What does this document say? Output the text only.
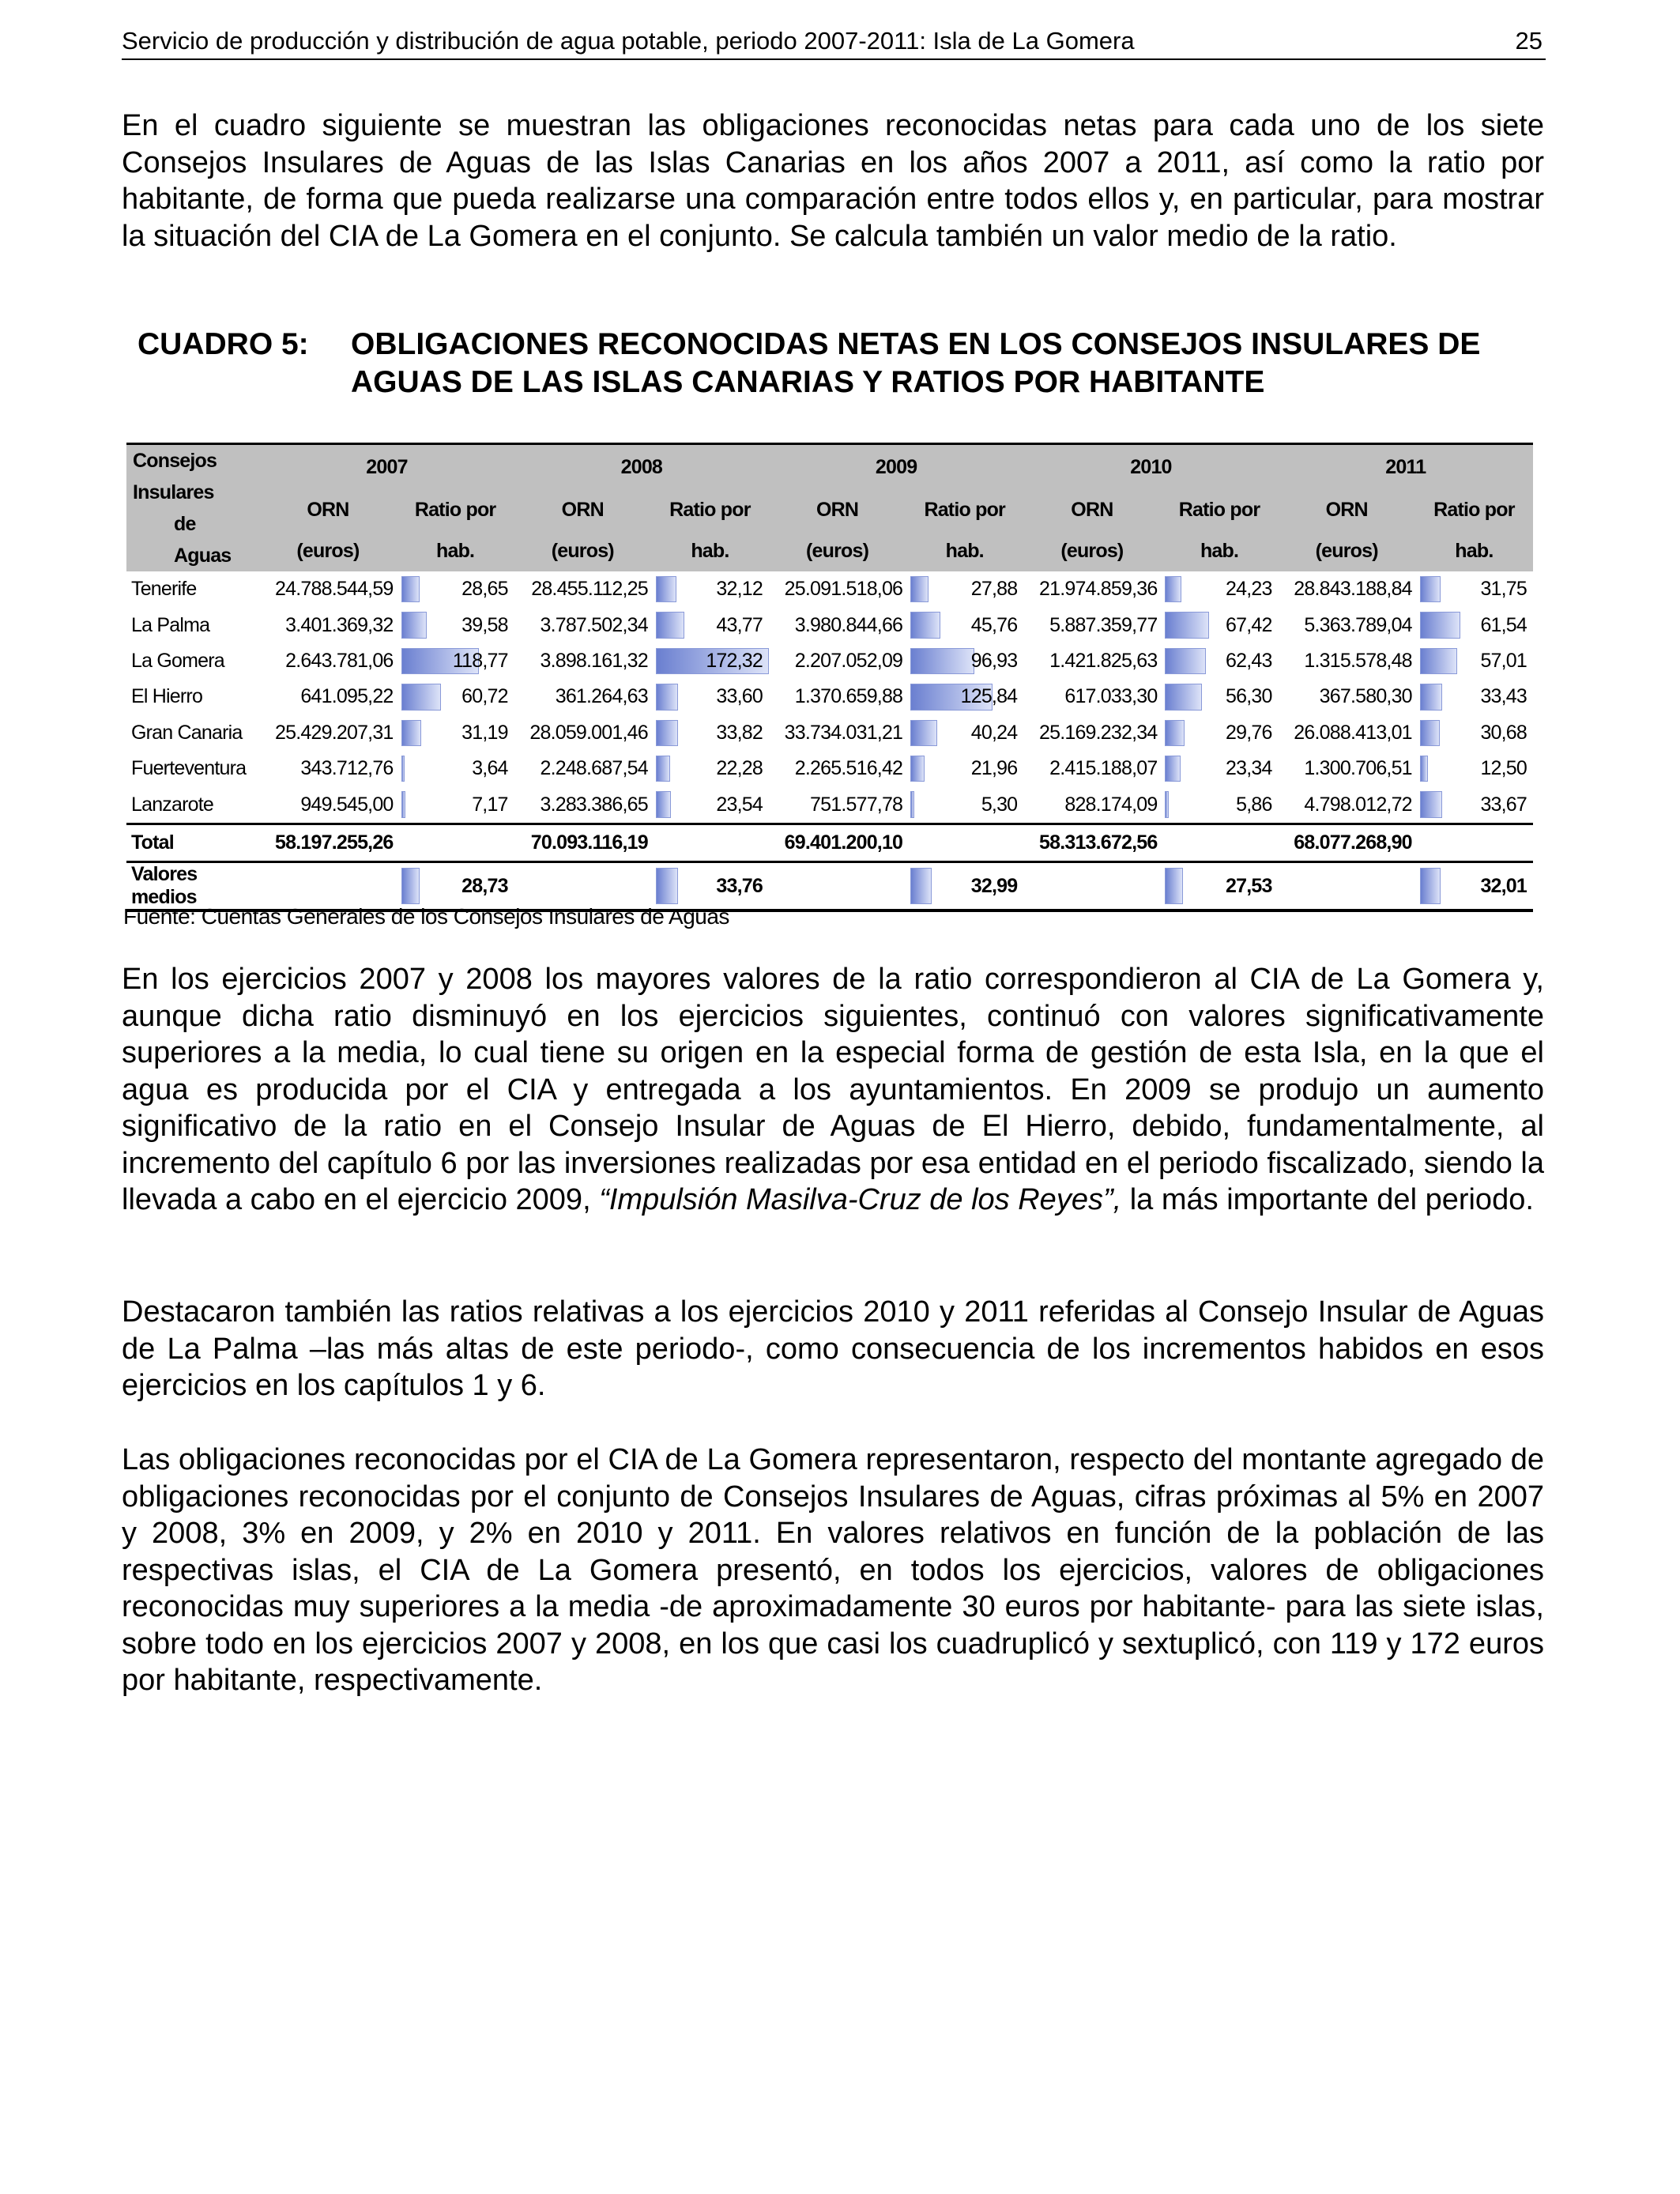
Servicio de producción y distribución de agua potable, periodo 2007-2011: Isla de La Gomera	25
En el cuadro siguiente se muestran las obligaciones reconocidas netas para cada uno de los siete Consejos Insulares de Aguas de las Islas Canarias en los años 2007 a 2011, así como la ratio por habitante, de forma que pueda realizarse una comparación entre todos ellos y, en particular, para mostrar la situación del CIA de La Gomera en el conjunto. Se calcula también un valor medio de la ratio.
CUADRO 5: OBLIGACIONES RECONOCIDAS NETAS EN LOS CONSEJOS INSULARES DE AGUAS DE LAS ISLAS CANARIAS Y RATIOS POR HABITANTE
Consejos Insulares
de Aguas	2007		2008		2009		2010		2011	
	ORN	Ratio por	ORN	Ratio por	ORN	Ratio por	ORN	Ratio por	ORN	Ratio por
	(euros)	hab.	(euros)	hab.	(euros)	hab.	(euros)	hab.	(euros)	hab.
Tenerife	24.788.544,59	28,65	28.455.112,25	32,12	25.091.518,06	27,88	21.974.859,36	24,23	28.843.188,84	31,75
La Palma	3.401.369,32	39,58	3.787.502,34	43,77	3.980.844,66	45,76	5.887.359,77	67,42	5.363.789,04	61,54
La Gomera	2.643.781,06	118,77	3.898.161,32	172,32	2.207.052,09	96,93	1.421.825,63	62,43	1.315.578,48	57,01
El Hierro	641.095,22	60,72	361.264,63	33,60	1.370.659,88	125,84	617.033,30	56,30	367.580,30	33,43
Gran Canaria	25.429.207,31	31,19	28.059.001,46	33,82	33.734.031,21	40,24	25.169.232,34	29,76	26.088.413,01	30,68
Fuerteventura	343.712,76	3,64	2.248.687,54	22,28	2.265.516,42	21,96	2.415.188,07	23,34	1.300.706,51	12,50
Lanzarote	949.545,00	7,17	3.283.386,65	23,54	751.577,78	5,30	828.174,09	5,86	4.798.012,72	33,67
Total	58.197.255,26		70.093.116,19		69.401.200,10		58.313.672,56		68.077.268,90	
Valores medios		28,73		33,76		32,99		27,53		32,01
Fuente: Cuentas Generales de los Consejos Insulares de Aguas
En los ejercicios 2007 y 2008 los mayores valores de la ratio correspondieron al CIA de La Gomera y, aunque dicha ratio disminuyó en los ejercicios siguientes, continuó con valores significativamente superiores a la media, lo cual tiene su origen en la especial forma de gestión de esta Isla, en la que el agua es producida por el CIA y entregada a los ayuntamientos. En 2009 se produjo un aumento significativo de la ratio en el Consejo Insular de Aguas de El Hierro, debido, fundamentalmente, al incremento del capítulo 6 por las inversiones realizadas por esa entidad en el periodo fiscalizado, siendo la llevada a cabo en el ejercicio 2009, “Impulsión Masilva-Cruz de los Reyes”, la más importante del periodo.
Destacaron también las ratios relativas a los ejercicios 2010 y 2011 referidas al Consejo Insular de Aguas de La Palma –las más altas de este periodo-, como consecuencia de los incrementos habidos en esos ejercicios en los capítulos 1 y 6.
Las obligaciones reconocidas por el CIA de La Gomera representaron, respecto del montante agregado de obligaciones reconocidas por el conjunto de Consejos Insulares de Aguas, cifras próximas al 5% en 2007 y 2008, 3% en 2009, y 2% en 2010 y 2011. En valores relativos en función de la población de las respectivas islas, el CIA de La Gomera presentó, en todos los ejercicios, valores de obligaciones reconocidas muy superiores a la media -de aproximadamente 30 euros por habitante- para las siete islas, sobre todo en los ejercicios 2007 y 2008, en los que casi los cuadruplicó y sextuplicó, con 119 y 172 euros por habitante, respectivamente.
